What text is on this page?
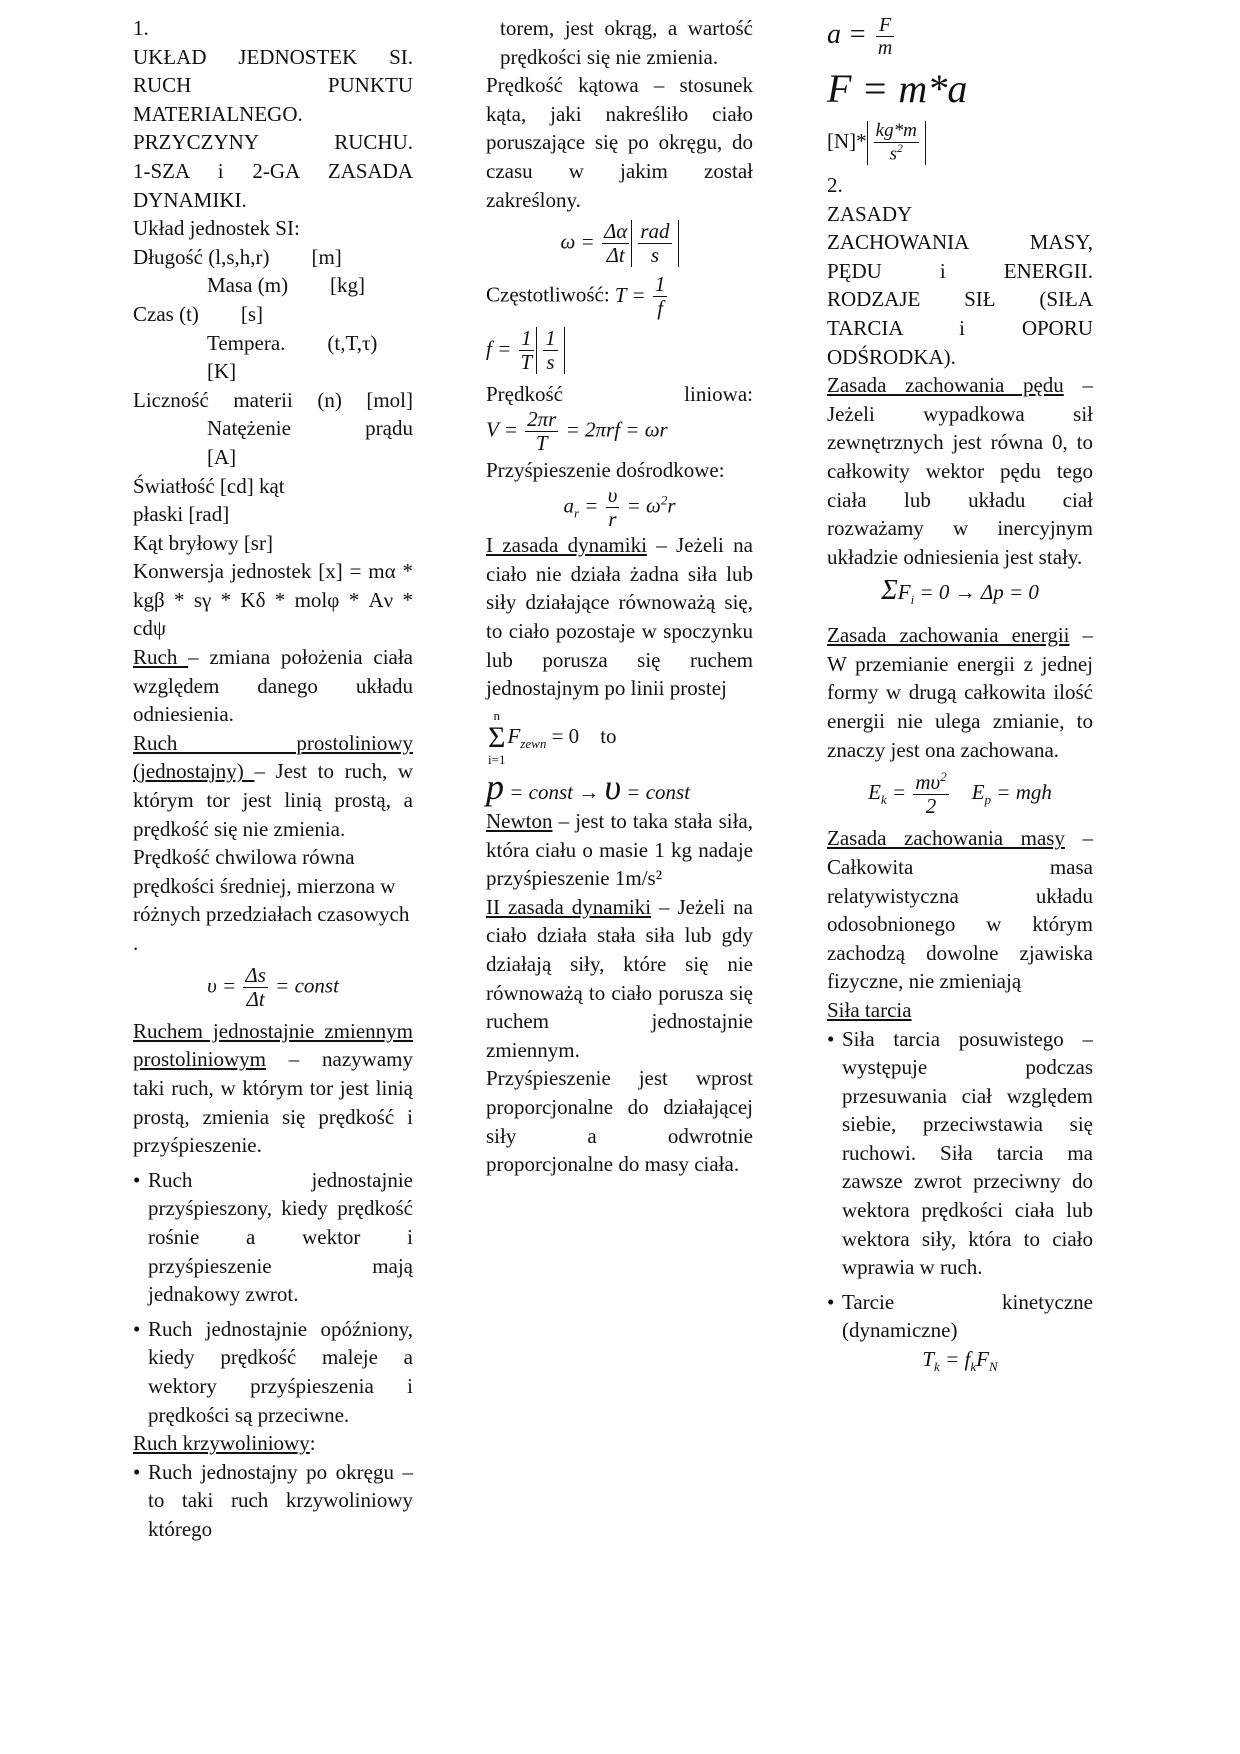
1.

UKŁAD JEDNOSTEK SI.

RUCH PUNKTU

MATERIALNEGO.

PRZYCZYNY RUCHU.

1-SZA i 2-GA ZASADA

DYNAMIKI.

Układ jednostek SI:

Długość (l,s,h,r)        [m]

Masa (m)        [kg]

Czas (t)        [s]

Tempera.        (t,T,τ)

[K]

Liczność materii (n) [mol]

Natężenie prądu

[A]

Światłość [cd] kąt

płaski [rad]

Kąt bryłowy [sr]

Konwersja jednostek [x] = mα * kgβ * sγ * Kδ * molφ * Aν * cdψ

Ruch – zmiana położenia ciała względem danego układu odniesienia.

Ruch prostoliniowy (jednostajny) – Jest to ruch, w którym tor jest linią prostą, a prędkość się nie zmienia.

Prędkość chwilowa równa prędkości średniej, mierzona w różnych przedziałach czasowych .

$\upsilon = \frac{\Delta s}{\Delta t}$ = const

Ruchem jednostajnie zmiennym prostoliniowym – nazywamy taki ruch, w którym tor jest linią prostą, zmienia się prędkość i przyśpieszenie.

• Ruch jednostajnie przyśpieszony, kiedy prędkość rośnie a wektor i przyśpieszenie mają jednakowy zwrot.

• Ruch jednostajnie opóźniony, kiedy prędkość maleje a wektory przyśpieszenia i prędkości są przeciwne.

Ruch krzywoliniowy:

• Ruch jednostajny po okręgu – to taki ruch krzywoliniowy którego

torem, jest okrąg, a wartość prędkości się nie zmienia.

Prędkość kątowa – stosunek kąta, jaki nakreśliło ciało poruszające się po okręgu, do czasu w jakim został zakreślony.

$\omega = \frac{\Delta\alpha}{\Delta t} \frac{\text{rad}}{s}$
Częstotliwość: $T = \frac{1}{f}$
$f = \frac{1}{T} \frac{1}{s}$

Prędkość liniowa:

$V = \frac{2\pi r}{T} = 2\pi rf = \omega r$

Przyśpieszenie dośrodkowe:

$a_r = \frac{\upsilon}{r} = \omega^2r$

I zasada dynamiki – Jeżeli na ciało nie działa żadna siła lub siły działające równoważą się, to ciało pozostaje w spoczynku lub porusza się ruchem jednostajnym po linii prostej

n
Σ
i=1
$F_{zewn} = 0$    to
p = const → υ = const

Newton – jest to taka stała siła, która ciału o masie 1 kg nadaje przyśpieszenie 1m/s²

II zasada dynamiki – Jeżeli na ciało działa stała siła lub gdy działają siły, które się nie równoważą to ciało porusza się ruchem jednostajnie zmiennym.

Przyśpieszenie jest wprost proporcjonalne do działającej siły a odwrotnie proporcjonalne do masy ciała.

$a = \frac{F}{m}$
F = m*a
$[N]* \frac{kg*m}{s^2}$

2.

ZASADY

ZACHOWANIA MASY,

PĘDU i ENERGII.

RODZAJE SIŁ (SIŁA

TARCIA i OPORU

ODŚRODKA).

Zasada zachowania pędu – Jeżeli wypadkowa sił zewnętrznych jest równa 0, to całkowity wektor pędu tego ciała lub układu ciał rozważamy w inercyjnym układzie odniesienia jest stały.

$\Sigma F_i = 0 \to \Delta p = 0$

Zasada zachowania energii – W przemianie energii z jednej formy w drugą całkowita ilość energii nie ulega zmianie, to znaczy jest ona zachowana.

$E_k = \frac{m\upsilon^2}{2} E_p$ = mgh

Zasada zachowania masy – Całkowita masa relatywistyczna układu odosobnionego w którym zachodzą dowolne zjawiska fizyczne, nie zmieniają

Siła tarcia

• Siła tarcia posuwistego – występuje podczas przesuwania ciał względem siebie, przeciwstawia się ruchowi. Siła tarcia ma zawsze zwrot przeciwny do wektora prędkości ciała lub wektora siły, która to ciało wprawia w ruch.

• Tarcie kinetyczne (dynamiczne)

$T_k = f_kF_N$
